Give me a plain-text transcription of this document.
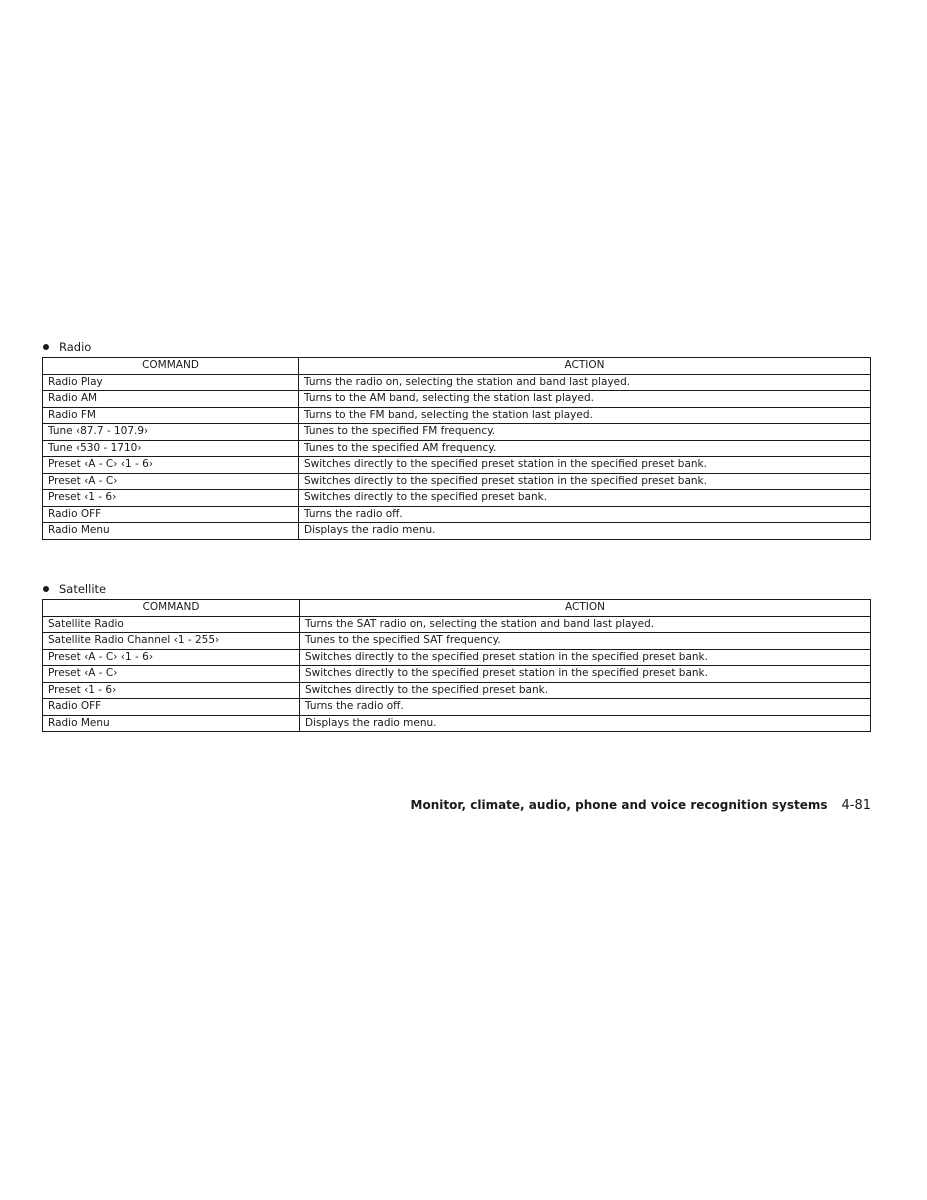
Radio
COMMAND	ACTION
Radio Play	Turns the radio on, selecting the station and band last played.
Radio AM	Turns to the AM band, selecting the station last played.
Radio FM	Turns to the FM band, selecting the station last played.
Tune ‹87.7 - 107.9›	Tunes to the specified FM frequency.
Tune ‹530 - 1710›	Tunes to the specified AM frequency.
Preset ‹A - C› ‹1 - 6›	Switches directly to the specified preset station in the specified preset bank.
Preset ‹A - C›	Switches directly to the specified preset station in the specified preset bank.
Preset ‹1 - 6›	Switches directly to the specified preset bank.
Radio OFF	Turns the radio off.
Radio Menu	Displays the radio menu.
Satellite
COMMAND	ACTION
Satellite Radio	Turns the SAT radio on, selecting the station and band last played.
Satellite Radio Channel ‹1 - 255›	Tunes to the specified SAT frequency.
Preset ‹A - C› ‹1 - 6›	Switches directly to the specified preset station in the specified preset bank.
Preset ‹A - C›	Switches directly to the specified preset station in the specified preset bank.
Preset ‹1 - 6›	Switches directly to the specified preset bank.
Radio OFF	Turns the radio off.
Radio Menu	Displays the radio menu.
Monitor, climate, audio, phone and voice recognition systems 4-81
